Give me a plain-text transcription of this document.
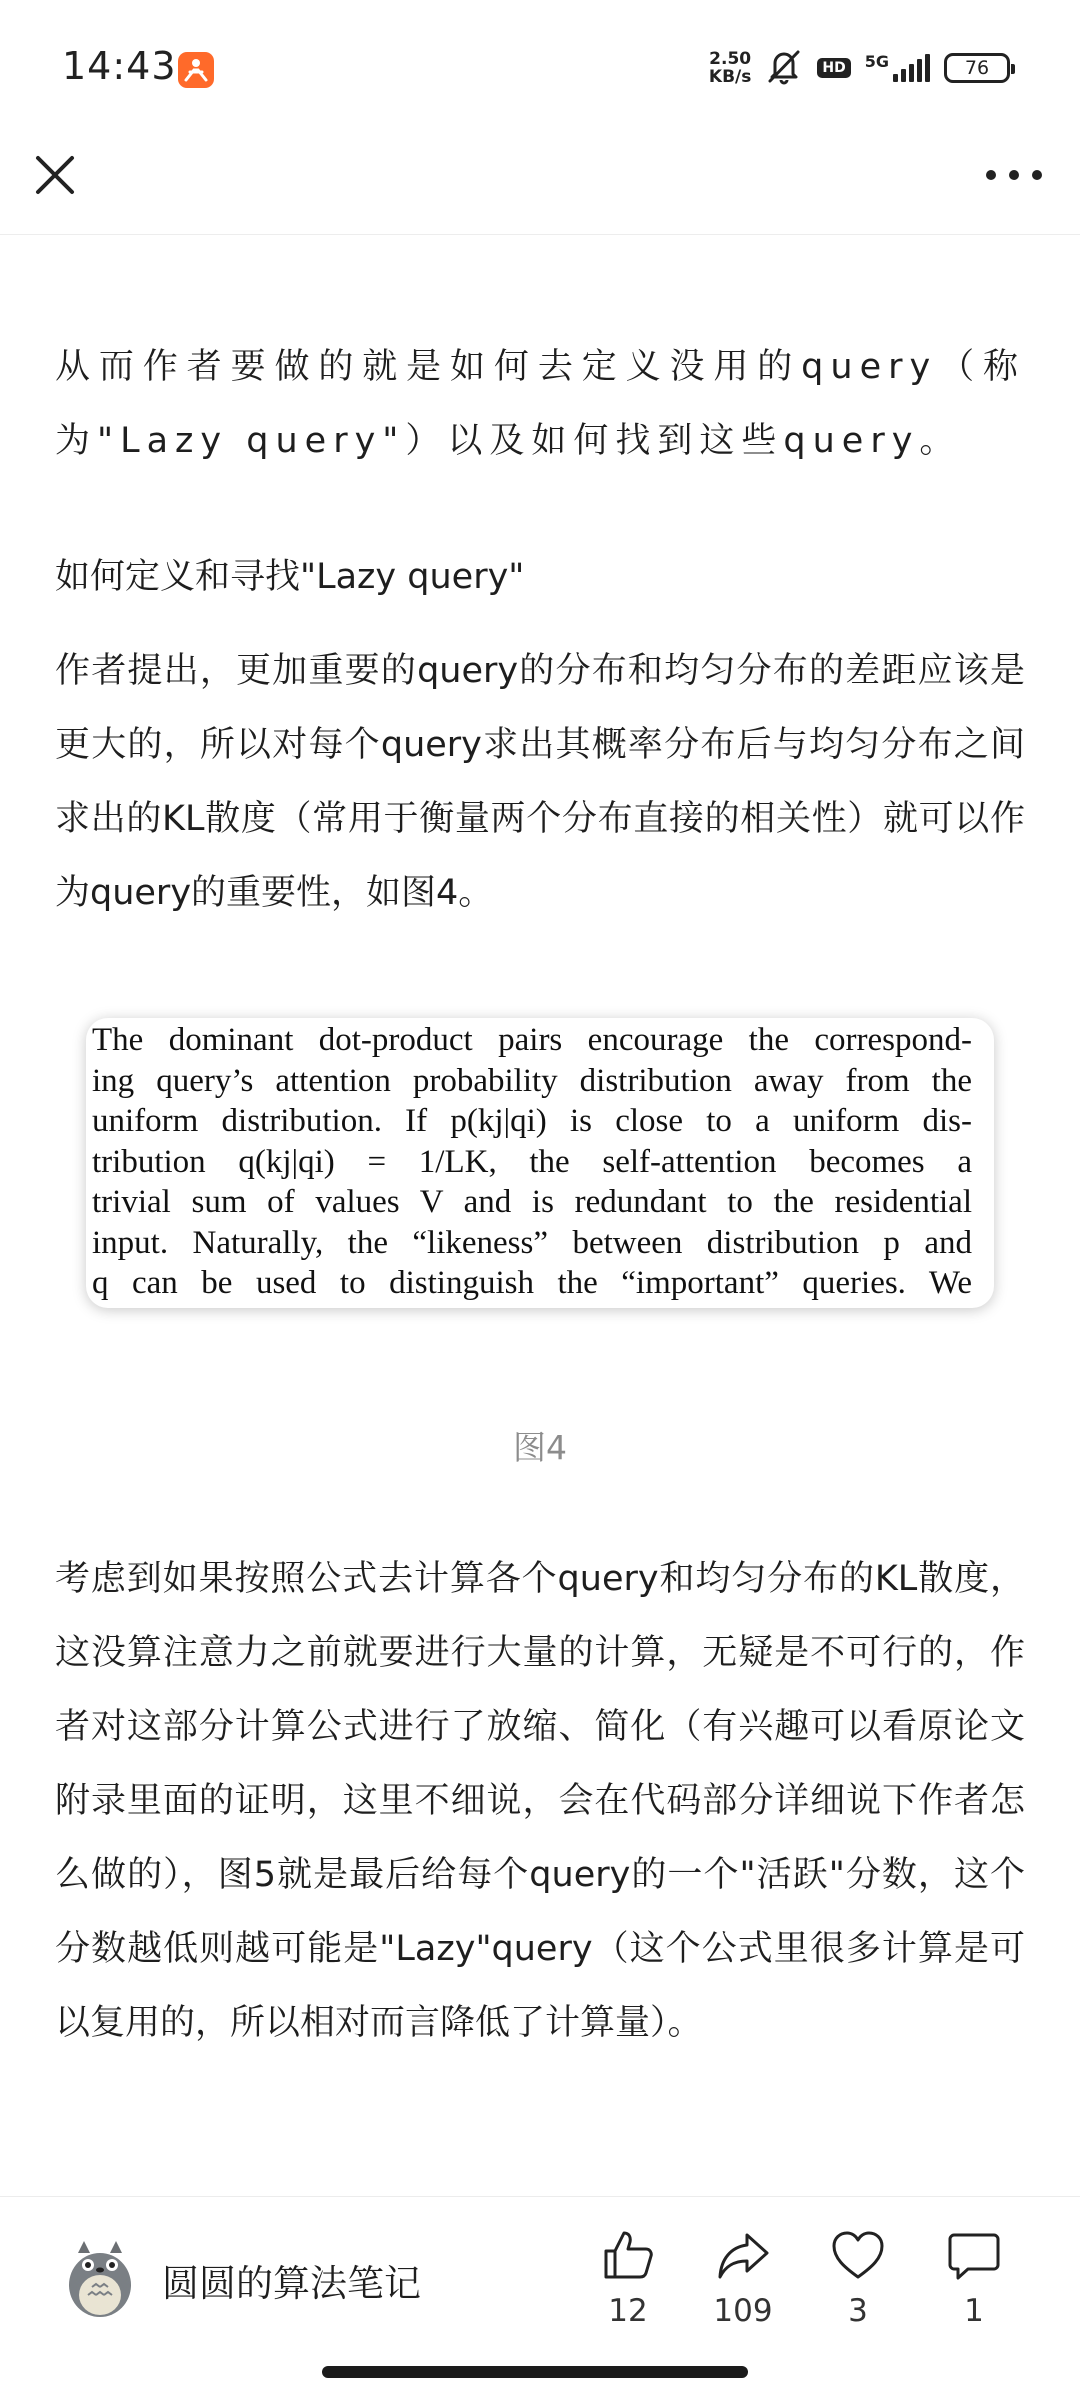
14:43	2.50
KB/s	HD	5G	76

从而作者要做的就是如何去定义没用的query（称为"Lazy query"）以及如何找到这些query。

如何定义和寻找"Lazy query"

作者提出，更加重要的query的分布和均匀分布的差距应该是更大的，所以对每个query求出其概率分布后与均匀分布之间求出的KL散度（常用于衡量两个分布直接的相关性）就可以作为query的重要性，如图4。

The dominant dot-product pairs encourage the correspond-
ing query’s attention probability distribution away from the
uniform distribution. If p(kj|qi) is close to a uniform dis-
tribution q(kj|qi) = 1/LK, the self-attention becomes a
trivial sum of values V and is redundant to the residential
input. Naturally, the “likeness” between distribution p and
q can be used to distinguish the “important” queries. We
图4

考虑到如果按照公式去计算各个query和均匀分布的KL散度，这没算注意力之前就要进行大量的计算，无疑是不可行的，作者对这部分计算公式进行了放缩、简化（有兴趣可以看原论文附录里面的证明，这里不细说，会在代码部分详细说下作者怎么做的），图5就是最后给每个query的一个"活跃"分数，这个分数越低则越可能是"Lazy"query（这个公式里很多计算是可以复用的，所以相对而言降低了计算量）。

圆圆的算法笔记
12	109	3	1
